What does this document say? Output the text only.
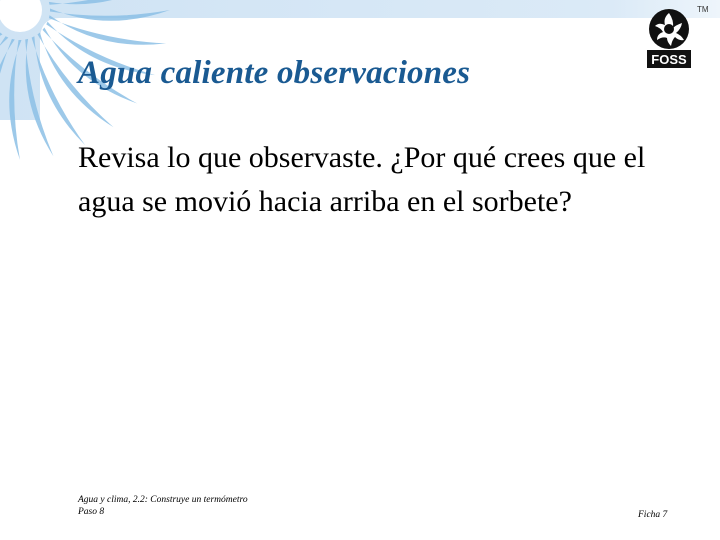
Agua caliente observaciones	FOSS
TM
Revisa lo que observaste. ¿Por qué crees que el agua se movió hacia arriba en el sorbete?
Agua y clima, 2.2: Construye un termómetro
Paso 8	Ficha 7
